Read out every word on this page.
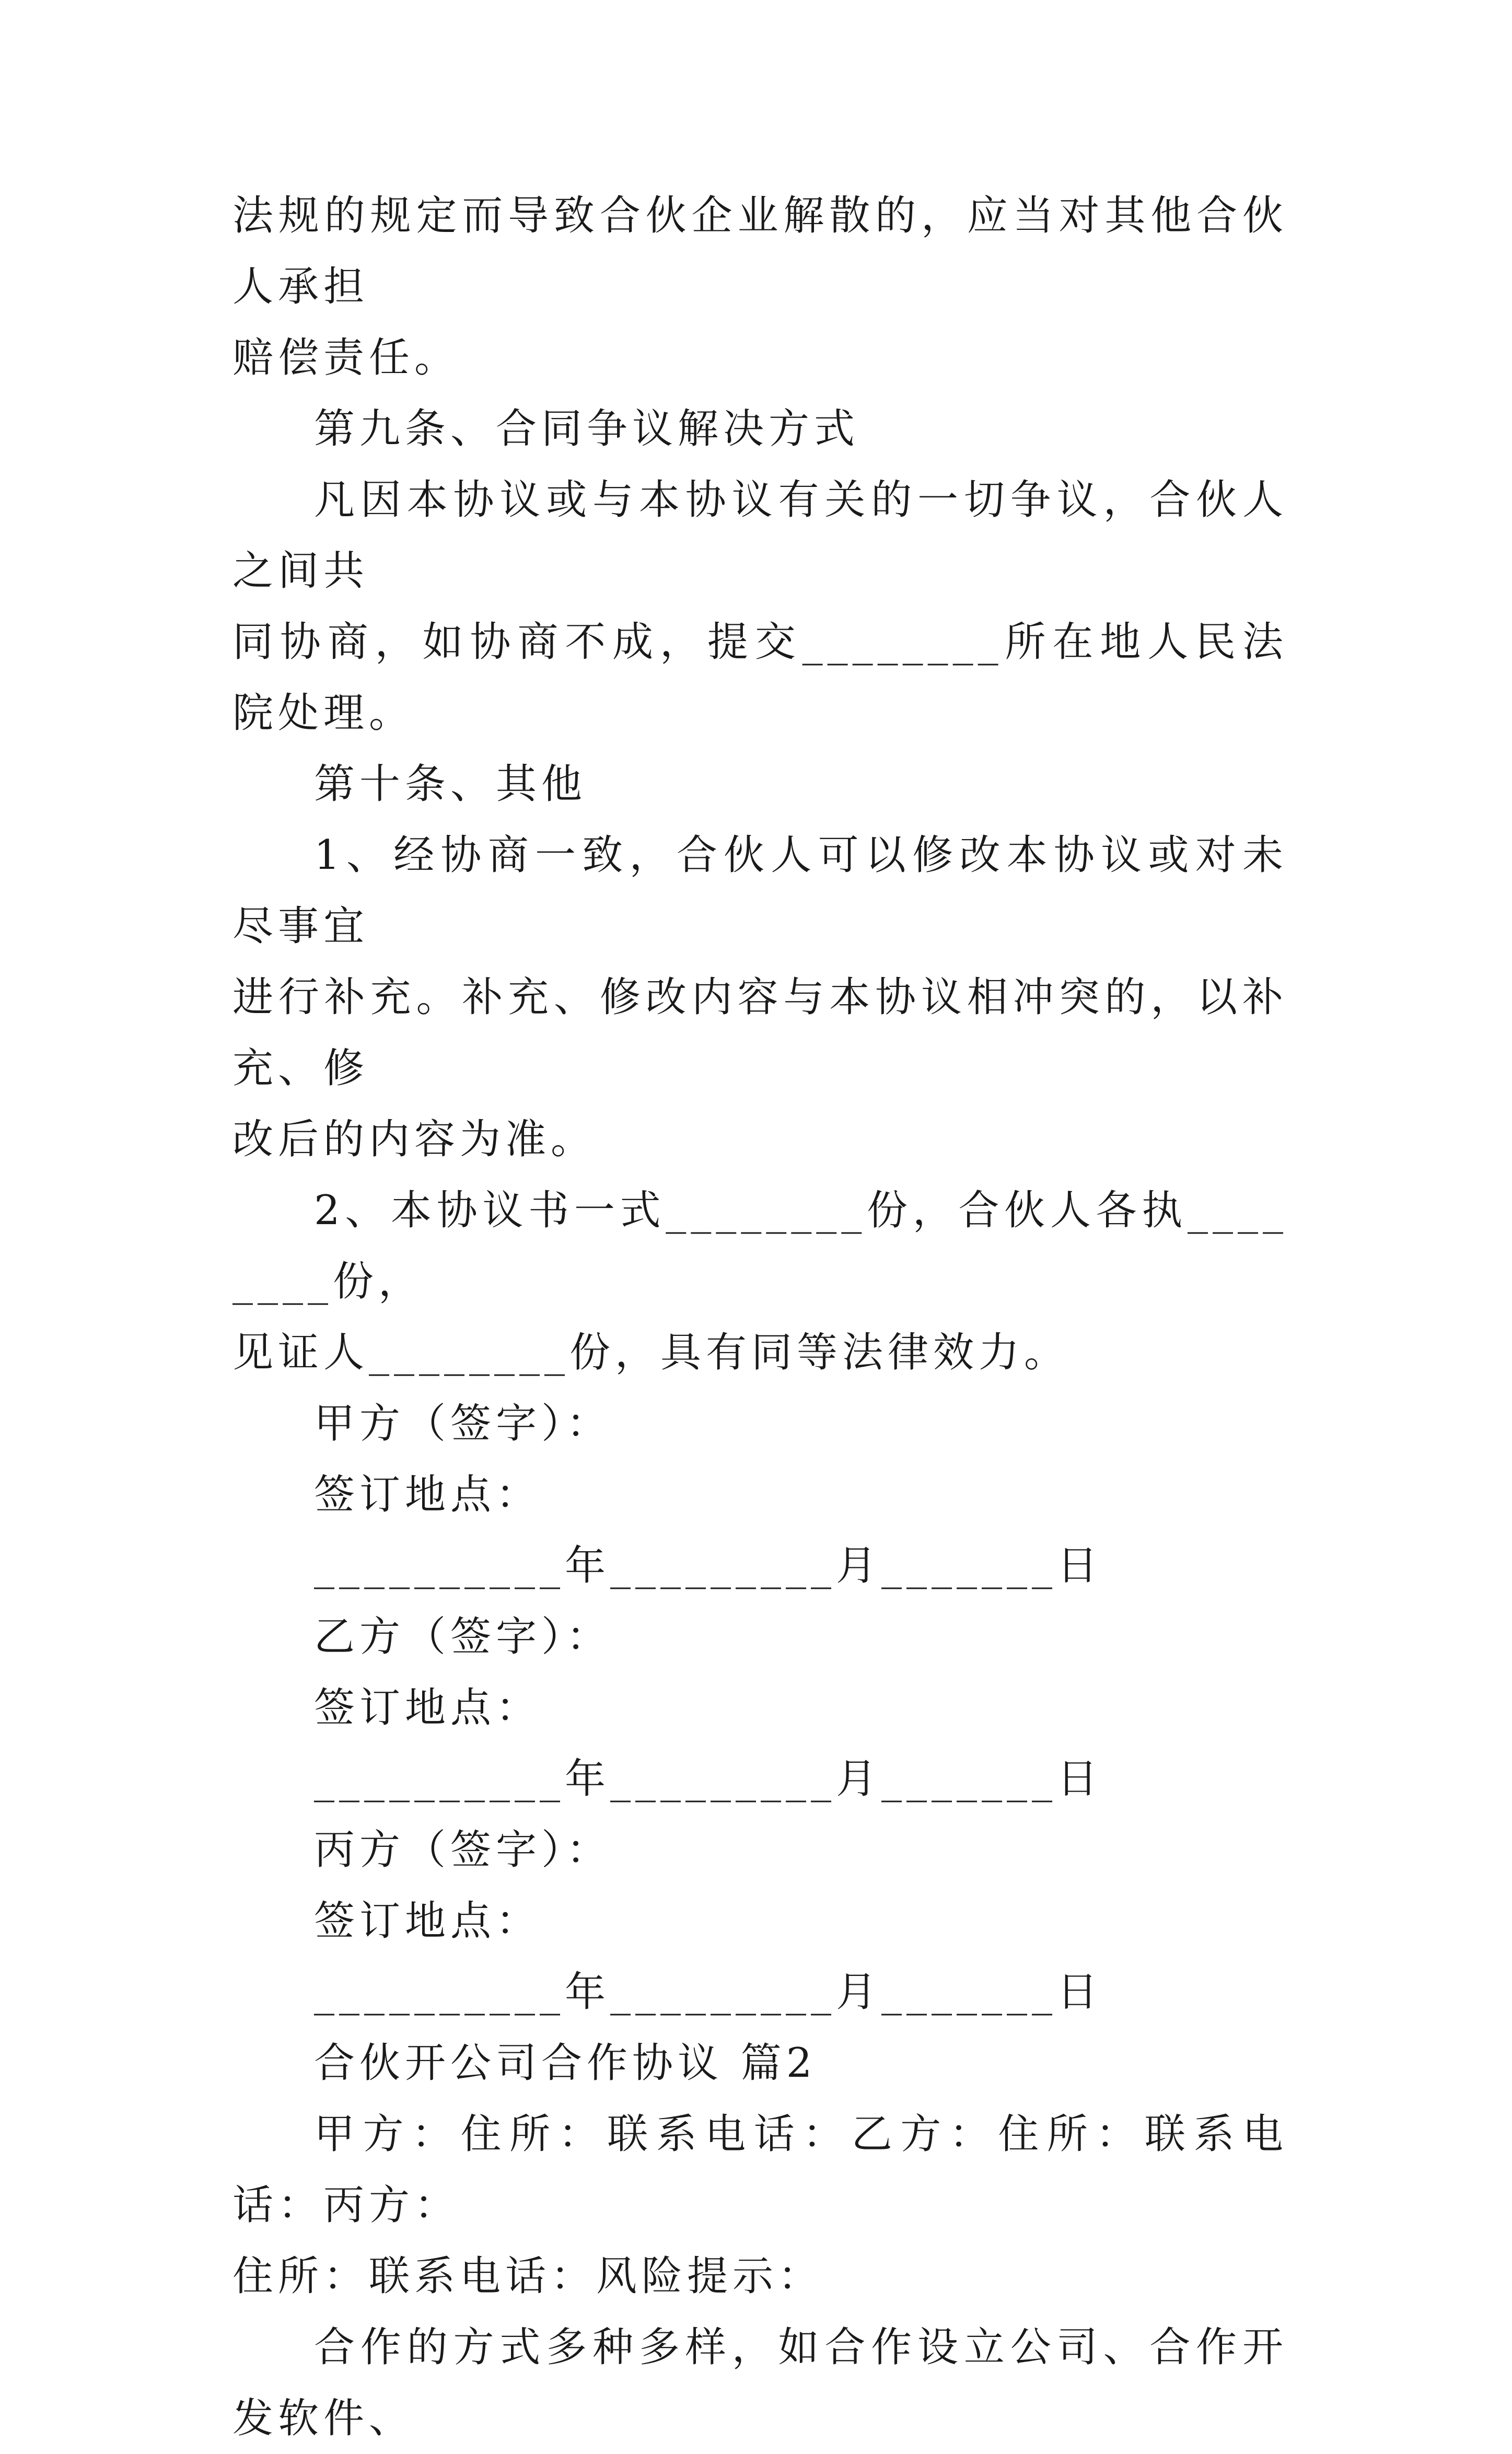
法规的规定而导致合伙企业解散的，应当对其他合伙人承担
赔偿责任。

第九条、合同争议解决方式

凡因本协议或与本协议有关的一切争议，合伙人之间共
同协商，如协商不成，提交________所在地人民法院处理。

第十条、其他

1、经协商一致，合伙人可以修改本协议或对未尽事宜
进行补充。补充、修改内容与本协议相冲突的，以补充、修
改后的内容为准。

2、本协议书一式________份，合伙人各执________份，
见证人________份，具有同等法律效力。

甲方（签字）：

签订地点：

__________年_________月_______日

乙方（签字）：

签订地点：

__________年_________月_______日

丙方（签字）：

签订地点：

__________年_________月_______日

合伙开公司合作协议 篇2

甲方：住所：联系电话：乙方：住所：联系电话：丙方：
住所：联系电话：风险提示：

合作的方式多种多样，如合作设立公司、合作开发软件、
